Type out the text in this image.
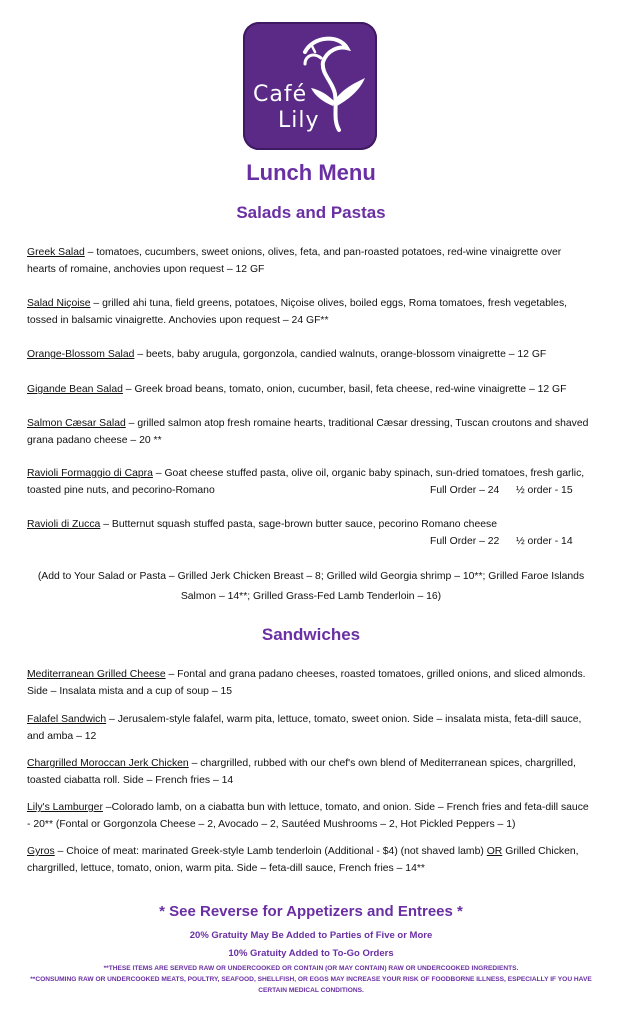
Café
Lily
Lunch Menu
Salads and Pastas
Greek Salad – tomatoes, cucumbers, sweet onions, olives, feta, and pan-roasted potatoes, red-wine vinaigrette over hearts of romaine, anchovies upon request – 12 GF
Salad Niçoise – grilled ahi tuna, field greens, potatoes, Niçoise olives, boiled eggs, Roma tomatoes, fresh vegetables, tossed in balsamic vinaigrette. Anchovies upon request – 24 GF**
Orange-Blossom Salad – beets, baby arugula, gorgonzola, candied walnuts, orange-blossom vinaigrette – 12 GF
Gigande Bean Salad – Greek broad beans, tomato, onion, cucumber, basil, feta cheese, red-wine vinaigrette – 12 GF
Salmon Cæsar Salad – grilled salmon atop fresh romaine hearts, traditional Cæsar dressing, Tuscan croutons and shaved grana padano cheese – 20 **
Ravioli Formaggio di Capra – Goat cheese stuffed pasta, olive oil, organic baby spinach, sun-dried tomatoes, fresh garlic, toasted pine nuts, and pecorino-Romano	Full Order – 24 ½ order - 15
Ravioli di Zucca – Butternut squash stuffed pasta, sage-brown butter sauce, pecorino Romano cheese
Full Order – 22 ½ order - 14
(Add to Your Salad or Pasta – Grilled Jerk Chicken Breast – 8; Grilled wild Georgia shrimp – 10**; Grilled Faroe Islands Salmon – 14**; Grilled Grass-Fed Lamb Tenderloin – 16)
Sandwiches
Mediterranean Grilled Cheese – Fontal and grana padano cheeses, roasted tomatoes, grilled onions, and sliced almonds. Side – Insalata mista and a cup of soup – 15
Falafel Sandwich – Jerusalem-style falafel, warm pita, lettuce, tomato, sweet onion. Side – insalata mista, feta-dill sauce, and amba – 12
Chargrilled Moroccan Jerk Chicken – chargrilled, rubbed with our chef's own blend of Mediterranean spices, chargrilled, toasted ciabatta roll. Side – French fries – 14
Lily's Lamburger –Colorado lamb, on a ciabatta bun with lettuce, tomato, and onion. Side – French fries and feta-dill sauce - 20** (Fontal or Gorgonzola Cheese – 2, Avocado – 2, Sautéed Mushrooms – 2, Hot Pickled Peppers – 1)
Gyros – Choice of meat: marinated Greek-style Lamb tenderloin (Additional - $4) (not shaved lamb) OR Grilled Chicken, chargrilled, lettuce, tomato, onion, warm pita. Side – feta-dill sauce, French fries – 14**
* See Reverse for Appetizers and Entrees *
20% Gratuity May Be Added to Parties of Five or More
10% Gratuity Added to To-Go Orders
**THESE ITEMS ARE SERVED RAW OR UNDERCOOKED OR CONTAIN (OR MAY CONTAIN) RAW OR UNDERCOOKED INGREDIENTS.
**CONSUMING RAW OR UNDERCOOKED MEATS, POULTRY, SEAFOOD, SHELLFISH, OR EGGS MAY INCREASE YOUR RISK OF FOODBORNE ILLNESS, ESPECIALLY IF YOU HAVE CERTAIN MEDICAL CONDITIONS.
